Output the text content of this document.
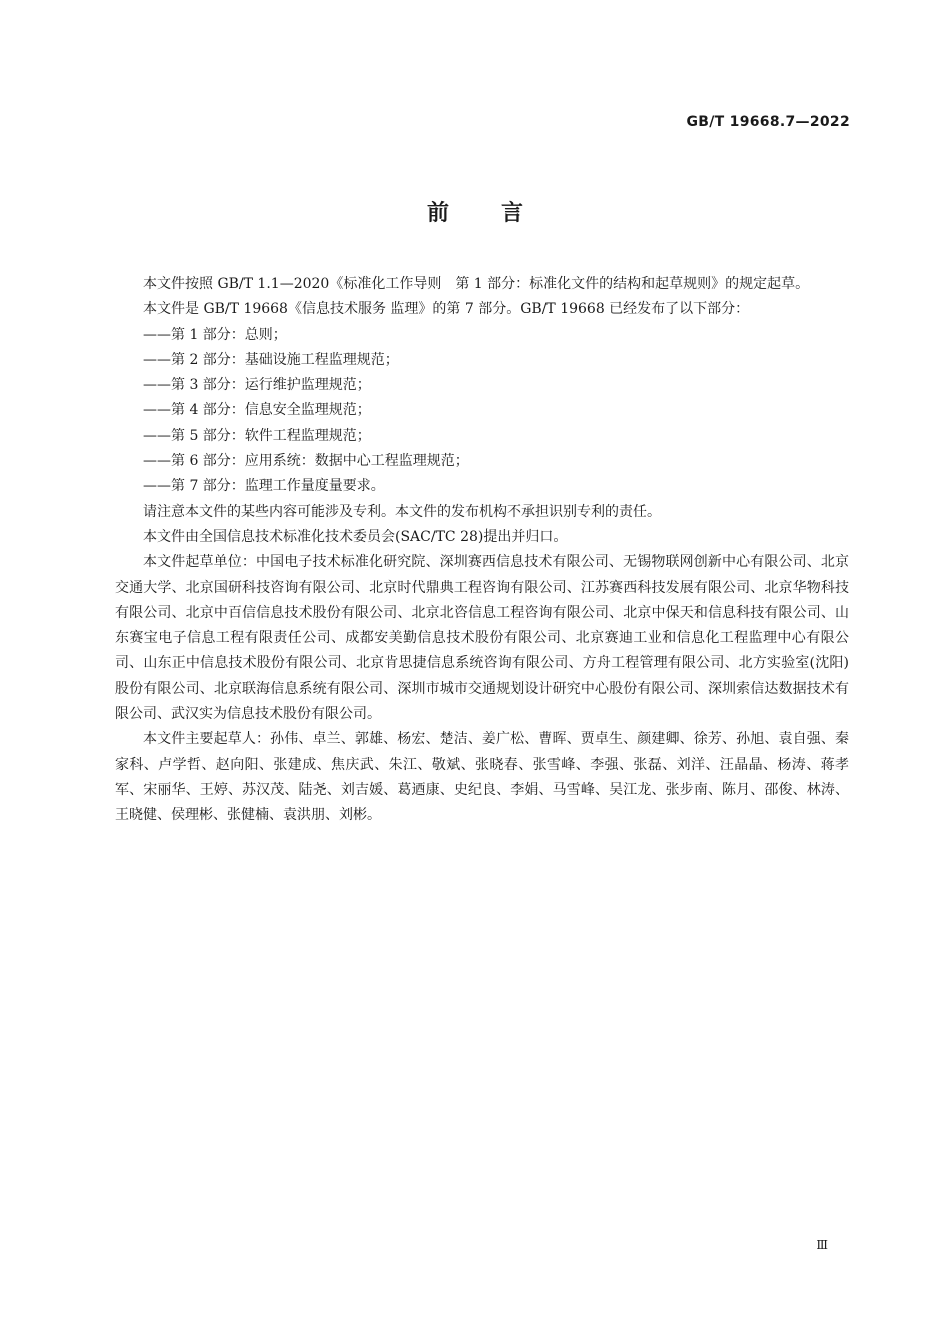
GB/T 19668.7—2022
前言

本文件按照 GB/T 1.1—2020《标准化工作导则　第 1 部分：标准化文件的结构和起草规则》的规定起草。

本文件是 GB/T 19668《信息技术服务 监理》的第 7 部分。GB/T 19668 已经发布了以下部分：

——第 1 部分：总则；

——第 2 部分：基础设施工程监理规范；

——第 3 部分：运行维护监理规范；

——第 4 部分：信息安全监理规范；

——第 5 部分：软件工程监理规范；

——第 6 部分：应用系统：数据中心工程监理规范；

——第 7 部分：监理工作量度量要求。

请注意本文件的某些内容可能涉及专利。本文件的发布机构不承担识别专利的责任。

本文件由全国信息技术标准化技术委员会(SAC/TC 28)提出并归口。

本文件起草单位：中国电子技术标准化研究院、深圳赛西信息技术有限公司、无锡物联网创新中心有限公司、北京交通大学、北京国研科技咨询有限公司、北京时代鼎典工程咨询有限公司、江苏赛西科技发展有限公司、北京华物科技有限公司、北京中百信信息技术股份有限公司、北京北咨信息工程咨询有限公司、北京中保天和信息科技有限公司、山东赛宝电子信息工程有限责任公司、成都安美勤信息技术股份有限公司、北京赛迪工业和信息化工程监理中心有限公司、山东正中信息技术股份有限公司、北京肯思捷信息系统咨询有限公司、方舟工程管理有限公司、北方实验室(沈阳)股份有限公司、北京联海信息系统有限公司、深圳市城市交通规划设计研究中心股份有限公司、深圳索信达数据技术有限公司、武汉实为信息技术股份有限公司。

本文件主要起草人：孙伟、卓兰、郭雄、杨宏、楚洁、姜广松、曹晖、贾卓生、颜建卿、徐芳、孙旭、袁自强、秦家科、卢学哲、赵向阳、张建成、焦庆武、朱江、敬斌、张晓春、张雪峰、李强、张磊、刘洋、汪晶晶、杨涛、蒋孝军、宋丽华、王婷、苏汉茂、陆尧、刘吉媛、葛迺康、史纪良、李娟、马雪峰、吴江龙、张步南、陈月、邵俊、林涛、王晓健、侯理彬、张健楠、袁洪朋、刘彬。

Ⅲ
